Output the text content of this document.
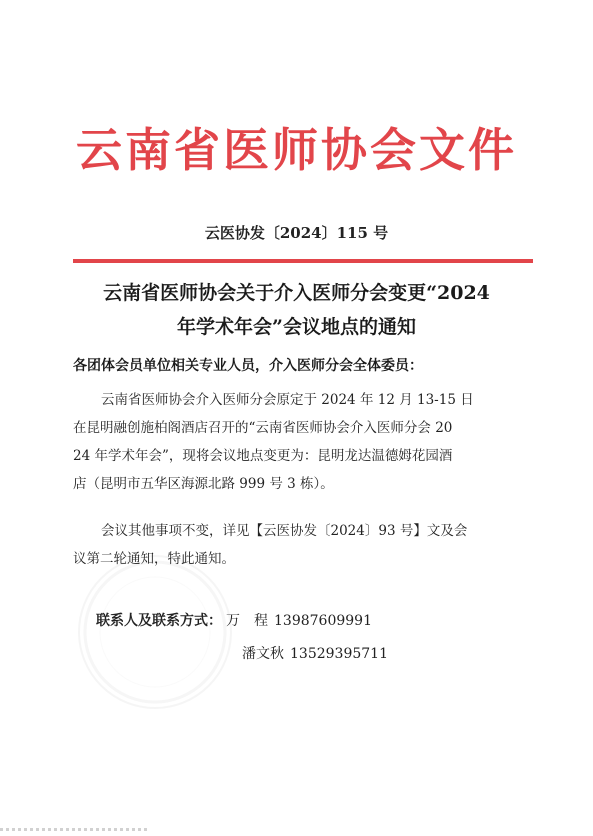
云南省医师协会文件
云医协发〔2024〕115 号
云南省医师协会关于介入医师分会变更“2024
年学术年会”会议地点的通知
各团体会员单位相关专业人员，介入医师分会全体委员：
云南省医师协会介入医师分会原定于 2024 年 12 月 13-15 日
在昆明融创施柏阁酒店召开的“云南省医师协会介入医师分会 20
24 年学术年会”，现将会议地点变更为：昆明龙达温德姆花园酒
店（昆明市五华区海源北路 999 号 3 栋）。
会议其他事项不变，详见【云医协发〔2024〕93 号】文及会
议第二轮通知，特此通知。
联系人及联系方式： 万　程 13987609991
潘文秋 13529395711
